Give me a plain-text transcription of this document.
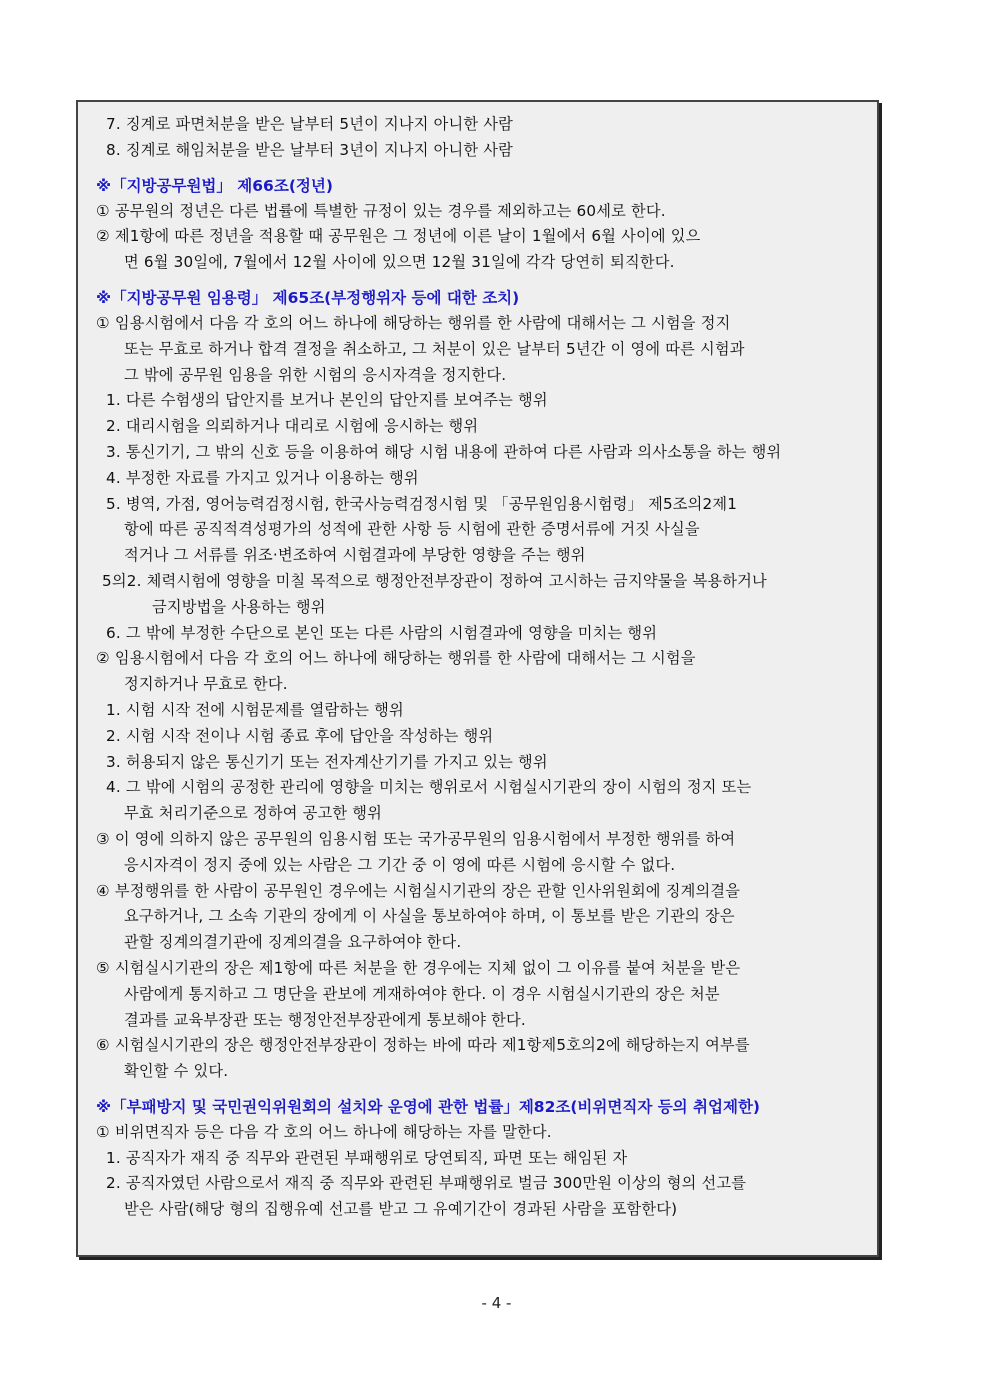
7. 징계로 파면처분을 받은 날부터 5년이 지나지 아니한 사람
8. 징계로 해임처분을 받은 날부터 3년이 지나지 아니한 사람
※「지방공무원법」 제66조(정년)
① 공무원의 정년은 다른 법률에 특별한 규정이 있는 경우를 제외하고는 60세로 한다.
② 제1항에 따른 정년을 적용할 때 공무원은 그 정년에 이른 날이 1월에서 6월 사이에 있으
면 6월 30일에, 7월에서 12월 사이에 있으면 12월 31일에 각각 당연히 퇴직한다.
※「지방공무원 임용령」 제65조(부정행위자 등에 대한 조치)
① 임용시험에서 다음 각 호의 어느 하나에 해당하는 행위를 한 사람에 대해서는 그 시험을 정지
또는 무효로 하거나 합격 결정을 취소하고, 그 처분이 있은 날부터 5년간 이 영에 따른 시험과
그 밖에 공무원 임용을 위한 시험의 응시자격을 정지한다.
1. 다른 수험생의 답안지를 보거나 본인의 답안지를 보여주는 행위
2. 대리시험을 의뢰하거나 대리로 시험에 응시하는 행위
3. 통신기기, 그 밖의 신호 등을 이용하여 해당 시험 내용에 관하여 다른 사람과 의사소통을 하는 행위
4. 부정한 자료를 가지고 있거나 이용하는 행위
5. 병역, 가점, 영어능력검정시험, 한국사능력검정시험 및 「공무원임용시험령」 제5조의2제1
항에 따른 공직적격성평가의 성적에 관한 사항 등 시험에 관한 증명서류에 거짓 사실을
적거나 그 서류를 위조·변조하여 시험결과에 부당한 영향을 주는 행위
5의2. 체력시험에 영향을 미칠 목적으로 행정안전부장관이 정하여 고시하는 금지약물을 복용하거나
금지방법을 사용하는 행위
6. 그 밖에 부정한 수단으로 본인 또는 다른 사람의 시험결과에 영향을 미치는 행위
② 임용시험에서 다음 각 호의 어느 하나에 해당하는 행위를 한 사람에 대해서는 그 시험을
정지하거나 무효로 한다.
1. 시험 시작 전에 시험문제를 열람하는 행위
2. 시험 시작 전이나 시험 종료 후에 답안을 작성하는 행위
3. 허용되지 않은 통신기기 또는 전자계산기기를 가지고 있는 행위
4. 그 밖에 시험의 공정한 관리에 영향을 미치는 행위로서 시험실시기관의 장이 시험의 정지 또는
무효 처리기준으로 정하여 공고한 행위
③ 이 영에 의하지 않은 공무원의 임용시험 또는 국가공무원의 임용시험에서 부정한 행위를 하여
응시자격이 정지 중에 있는 사람은 그 기간 중 이 영에 따른 시험에 응시할 수 없다.
④ 부정행위를 한 사람이 공무원인 경우에는 시험실시기관의 장은 관할 인사위원회에 징계의결을
요구하거나, 그 소속 기관의 장에게 이 사실을 통보하여야 하며, 이 통보를 받은 기관의 장은
관할 징계의결기관에 징계의결을 요구하여야 한다.
⑤ 시험실시기관의 장은 제1항에 따른 처분을 한 경우에는 지체 없이 그 이유를 붙여 처분을 받은
사람에게 통지하고 그 명단을 관보에 게재하여야 한다. 이 경우 시험실시기관의 장은 처분
결과를 교육부장관 또는 행정안전부장관에게 통보해야 한다.
⑥ 시험실시기관의 장은 행정안전부장관이 정하는 바에 따라 제1항제5호의2에 해당하는지 여부를
확인할 수 있다.
※「부패방지 및 국민권익위원회의 설치와 운영에 관한 법률」제82조(비위면직자 등의 취업제한)
① 비위면직자 등은 다음 각 호의 어느 하나에 해당하는 자를 말한다.
1. 공직자가 재직 중 직무와 관련된 부패행위로 당연퇴직, 파면 또는 해임된 자
2. 공직자였던 사람으로서 재직 중 직무와 관련된 부패행위로 벌금 300만원 이상의 형의 선고를
받은 사람(해당 형의 집행유예 선고를 받고 그 유예기간이 경과된 사람을 포함한다)
- 4 -
